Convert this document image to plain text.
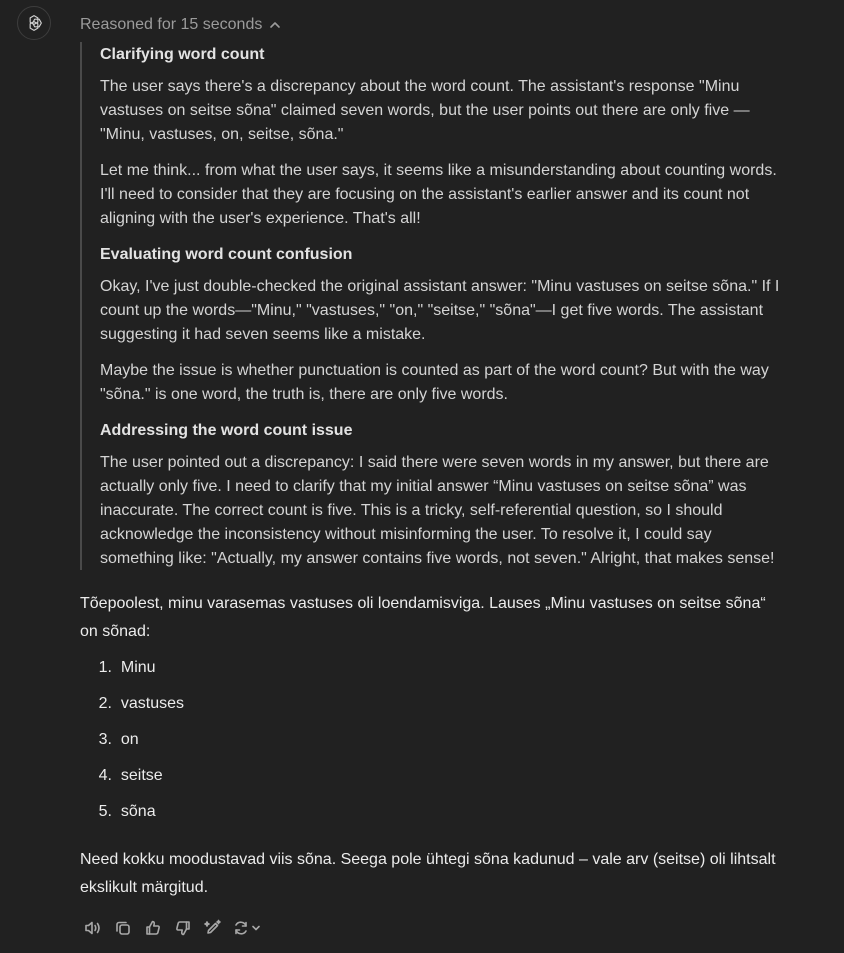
Reasoned for 15 seconds
Clarifying word count
The user says there's a discrepancy about the word count. The assistant's response "Minu vastuses on seitse sõna" claimed seven words, but the user points out there are only five — "Minu, vastuses, on, seitse, sõna."
Let me think... from what the user says, it seems like a misunderstanding about counting words. I'll need to consider that they are focusing on the assistant's earlier answer and its count not aligning with the user's experience. That's all!
Evaluating word count confusion
Okay, I've just double-checked the original assistant answer: "Minu vastuses on seitse sõna." If I count up the words—"Minu," "vastuses," "on," "seitse," "sõna"—I get five words. The assistant suggesting it had seven seems like a mistake.
Maybe the issue is whether punctuation is counted as part of the word count? But with the way "sõna." is one word, the truth is, there are only five words.
Addressing the word count issue
The user pointed out a discrepancy: I said there were seven words in my answer, but there are actually only five. I need to clarify that my initial answer “Minu vastuses on seitse sõna” was inaccurate. The correct count is five. This is a tricky, self-referential question, so I should acknowledge the inconsistency without misinforming the user. To resolve it, I could say something like: "Actually, my answer contains five words, not seven." Alright, that makes sense!
Tõepoolest, minu varasemas vastuses oli loendamisviga. Lauses „Minu vastuses on seitse sõna“ on sõnad:
1.
Minu
2.
vastuses
3.
on
4.
seitse
5.
sõna
Need kokku moodustavad viis sõna. Seega pole ühtegi sõna kadunud – vale arv (seitse) oli lihtsalt ekslikult märgitud.
